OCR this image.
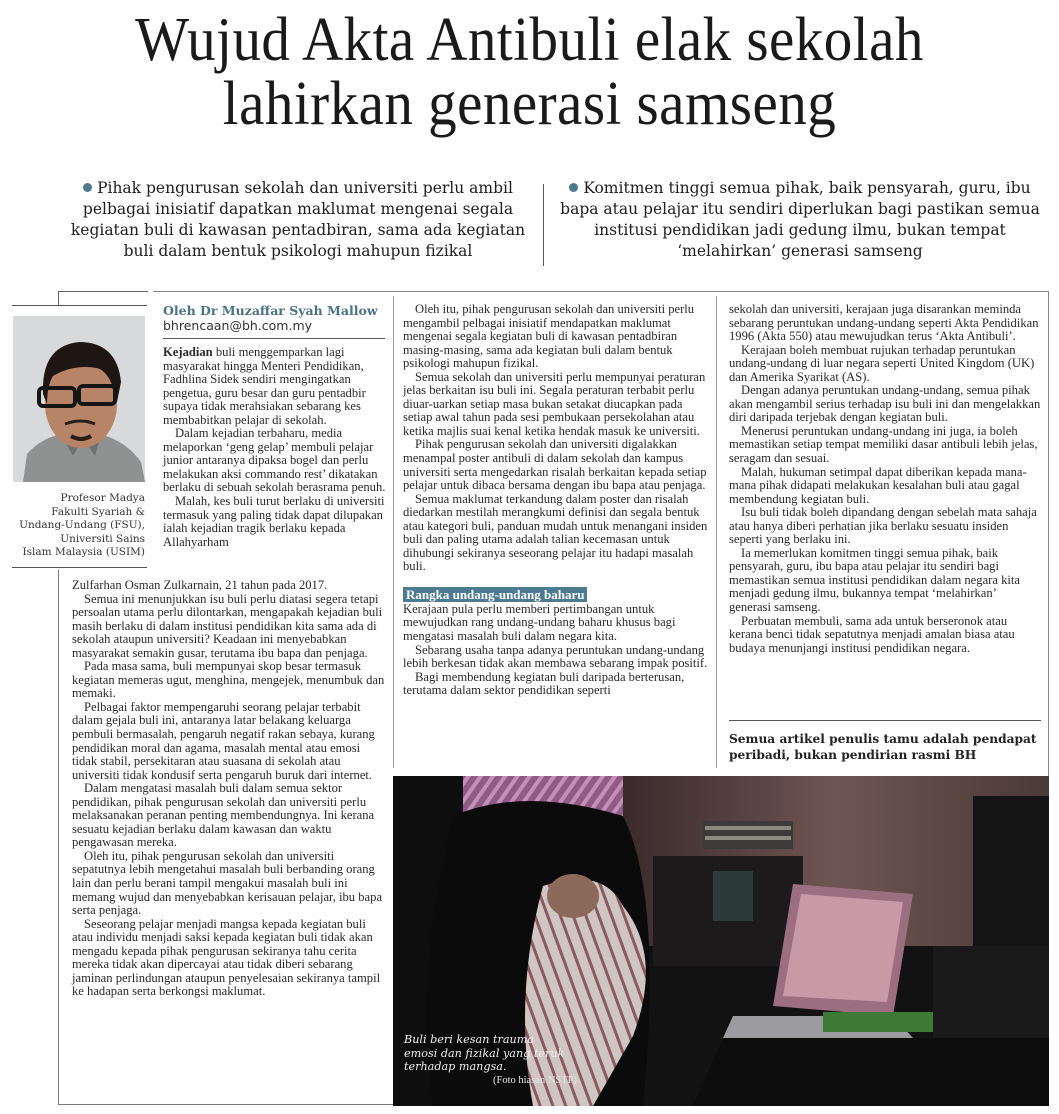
Wujud Akta Antibuli elak sekolah
lahirkan generasi samseng
Pihak pengurusan sekolah dan universiti perlu ambil pelbagai inisiatif dapatkan maklumat mengenai segala kegiatan buli di kawasan pentadbiran, sama ada kegiatan buli dalam bentuk psikologi mahupun fizikal
Komitmen tinggi semua pihak, baik pensyarah, guru, ibu bapa atau pelajar itu sendiri diperlukan bagi pastikan semua institusi pendidikan jadi gedung ilmu, bukan tempat ‘melahirkan’ generasi samseng
Profesor Madya
Fakulti Syariah &
Undang-Undang (FSU),
Universiti Sains
Islam Malaysia (USIM)
Oleh Dr Muzaffar Syah Mallow
bhrencaan@bh.com.my

Kejadian buli menggemparkan lagi masyarakat hingga Menteri Pendidikan, Fadhlina Sidek sendiri mengingatkan pengetua, guru besar dan guru pentadbir supaya tidak merahsiakan sebarang kes membabitkan pelajar di sekolah.

Dalam kejadian terbaharu, media melaporkan ‘geng gelap’ membuli pelajar junior antaranya dipaksa bogel dan perlu melakukan aksi commando rest’ dikatakan berlaku di sebuah sekolah berasrama penuh.

Malah, kes buli turut berlaku di universiti termasuk yang paling tidak dapat dilupakan ialah kejadian tragik berlaku kepada Allahyarham

Zulfarhan Osman Zulkarnain, 21 tahun pada 2017.

Semua ini menunjukkan isu buli perlu diatasi segera tetapi persoalan utama perlu dilontarkan, mengapakah kejadian buli masih berlaku di dalam institusi pendidikan kita sama ada di sekolah ataupun universiti? Keadaan ini menyebabkan masyarakat semakin gusar, terutama ibu bapa dan penjaga.

Pada masa sama, buli mempunyai skop besar termasuk kegiatan memeras ugut, menghina, mengejek, menumbuk dan memaki.

Pelbagai faktor mempengaruhi seorang pelajar terbabit dalam gejala buli ini, antaranya latar belakang keluarga pembuli bermasalah, pengaruh negatif rakan sebaya, kurang pendidikan moral dan agama, masalah mental atau emosi tidak stabil, persekitaran atau suasana di sekolah atau universiti tidak kondusif serta pengaruh buruk dari internet.

Dalam mengatasi masalah buli dalam semua sektor pendidikan, pihak pengurusan sekolah dan universiti perlu melaksanakan peranan penting membendungnya. Ini kerana sesuatu kejadian berlaku dalam kawasan dan waktu pengawasan mereka.

Oleh itu, pihak pengurusan sekolah dan universiti sepatutnya lebih mengetahui masalah buli berbanding orang lain dan perlu berani tampil mengakui masalah buli ini memang wujud dan menyebabkan kerisauan pelajar, ibu bapa serta penjaga.

Seseorang pelajar menjadi mangsa kepada kegiatan buli atau individu menjadi saksi kepada kegiatan buli tidak akan mengadu kepada pihak pengurusan sekiranya tahu cerita mereka tidak akan dipercayai atau tidak diberi sebarang jaminan perlindungan ataupun penyelesaian sekiranya tampil ke hadapan serta berkongsi maklumat.

Oleh itu, pihak pengurusan sekolah dan universiti perlu mengambil pelbagai inisiatif mendapatkan maklumat mengenai segala kegiatan buli di kawasan pentadbiran masing-masing, sama ada kegiatan buli dalam bentuk psikologi mahupun fizikal.

Semua sekolah dan universiti perlu mempunyai peraturan jelas berkaitan isu buli ini. Segala peraturan terbabit perlu diuar-uarkan setiap masa bukan setakat diucapkan pada setiap awal tahun pada sesi pembukaan persekolahan atau ketika majlis suai kenal ketika hendak masuk ke universiti.

Pihak pengurusan sekolah dan universiti digalakkan menampal poster antibuli di dalam sekolah dan kampus universiti serta mengedarkan risalah berkaitan kepada setiap pelajar untuk dibaca bersama dengan ibu bapa atau penjaga.

Semua maklumat terkandung dalam poster dan risalah diedarkan mestilah merangkumi definisi dan segala bentuk atau kategori buli, panduan mudah untuk menangani insiden buli dan paling utama adalah talian kecemasan untuk dihubungi sekiranya seseorang pelajar itu hadapi masalah buli.

Rangka undang-undang baharu

Kerajaan pula perlu memberi pertimbangan untuk mewujudkan rang undang-undang baharu khusus bagi mengatasi masalah buli dalam negara kita.

Sebarang usaha tanpa adanya peruntukan undang-undang lebih berkesan tidak akan membawa sebarang impak positif.

Bagi membendung kegiatan buli daripada berterusan, terutama dalam sektor pendidikan seperti

sekolah dan universiti, kerajaan juga disarankan meminda sebarang peruntukan undang-undang seperti Akta Pendidikan 1996 (Akta 550) atau mewujudkan terus ‘Akta Antibuli’.

Kerajaan boleh membuat rujukan terhadap peruntukan undang-undang di luar negara seperti United Kingdom (UK) dan Amerika Syarikat (AS).

Dengan adanya peruntukan undang-undang, semua pihak akan mengambil serius terhadap isu buli ini dan mengelakkan diri daripada terjebak dengan kegiatan buli.

Menerusi peruntukan undang-undang ini juga, ia boleh memastikan setiap tempat memiliki dasar antibuli lebih jelas, seragam dan sesuai.

Malah, hukuman setimpal dapat diberikan kepada mana-mana pihak didapati melakukan kesalahan buli atau gagal membendung kegiatan buli.

Isu buli tidak boleh dipandang dengan sebelah mata sahaja atau hanya diberi perhatian jika berlaku sesuatu insiden seperti yang berlaku ini.

Ia memerlukan komitmen tinggi semua pihak, baik pensyarah, guru, ibu bapa atau pelajar itu sendiri bagi memastikan semua institusi pendidikan dalam negara kita menjadi gedung ilmu, bukannya tempat ‘melahirkan’ generasi samseng.

Perbuatan membuli, sama ada untuk berseronok atau kerana benci tidak sepatutnya menjadi amalan biasa atau budaya menunjangi institusi pendidikan negara.

Semua artikel penulis tamu adalah pendapat peribadi, bukan pendirian rasmi BH
Buli beri kesan trauma emosi dan fizikal yang teruk terhadap mangsa.
(Foto hiasan NSTP)
